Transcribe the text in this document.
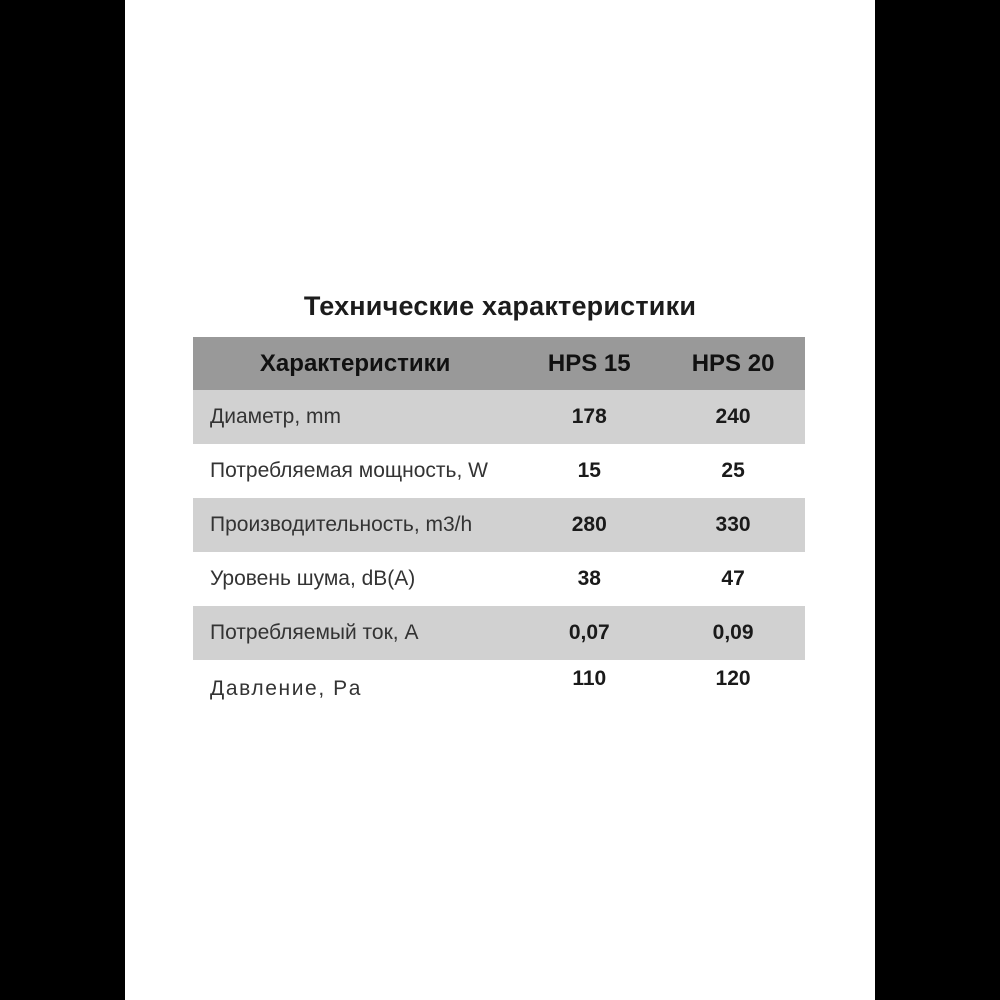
Технические характеристики
Характеристики	HPS 15	HPS 20
Диаметр, mm	178	240
Потребляемая мощность, W	15	25
Производительность, m3/h	280	330
Уровень шума, dB(A)	38	47
Потребляемый ток, A	0,07	0,09
Давление, Pa	110	120
